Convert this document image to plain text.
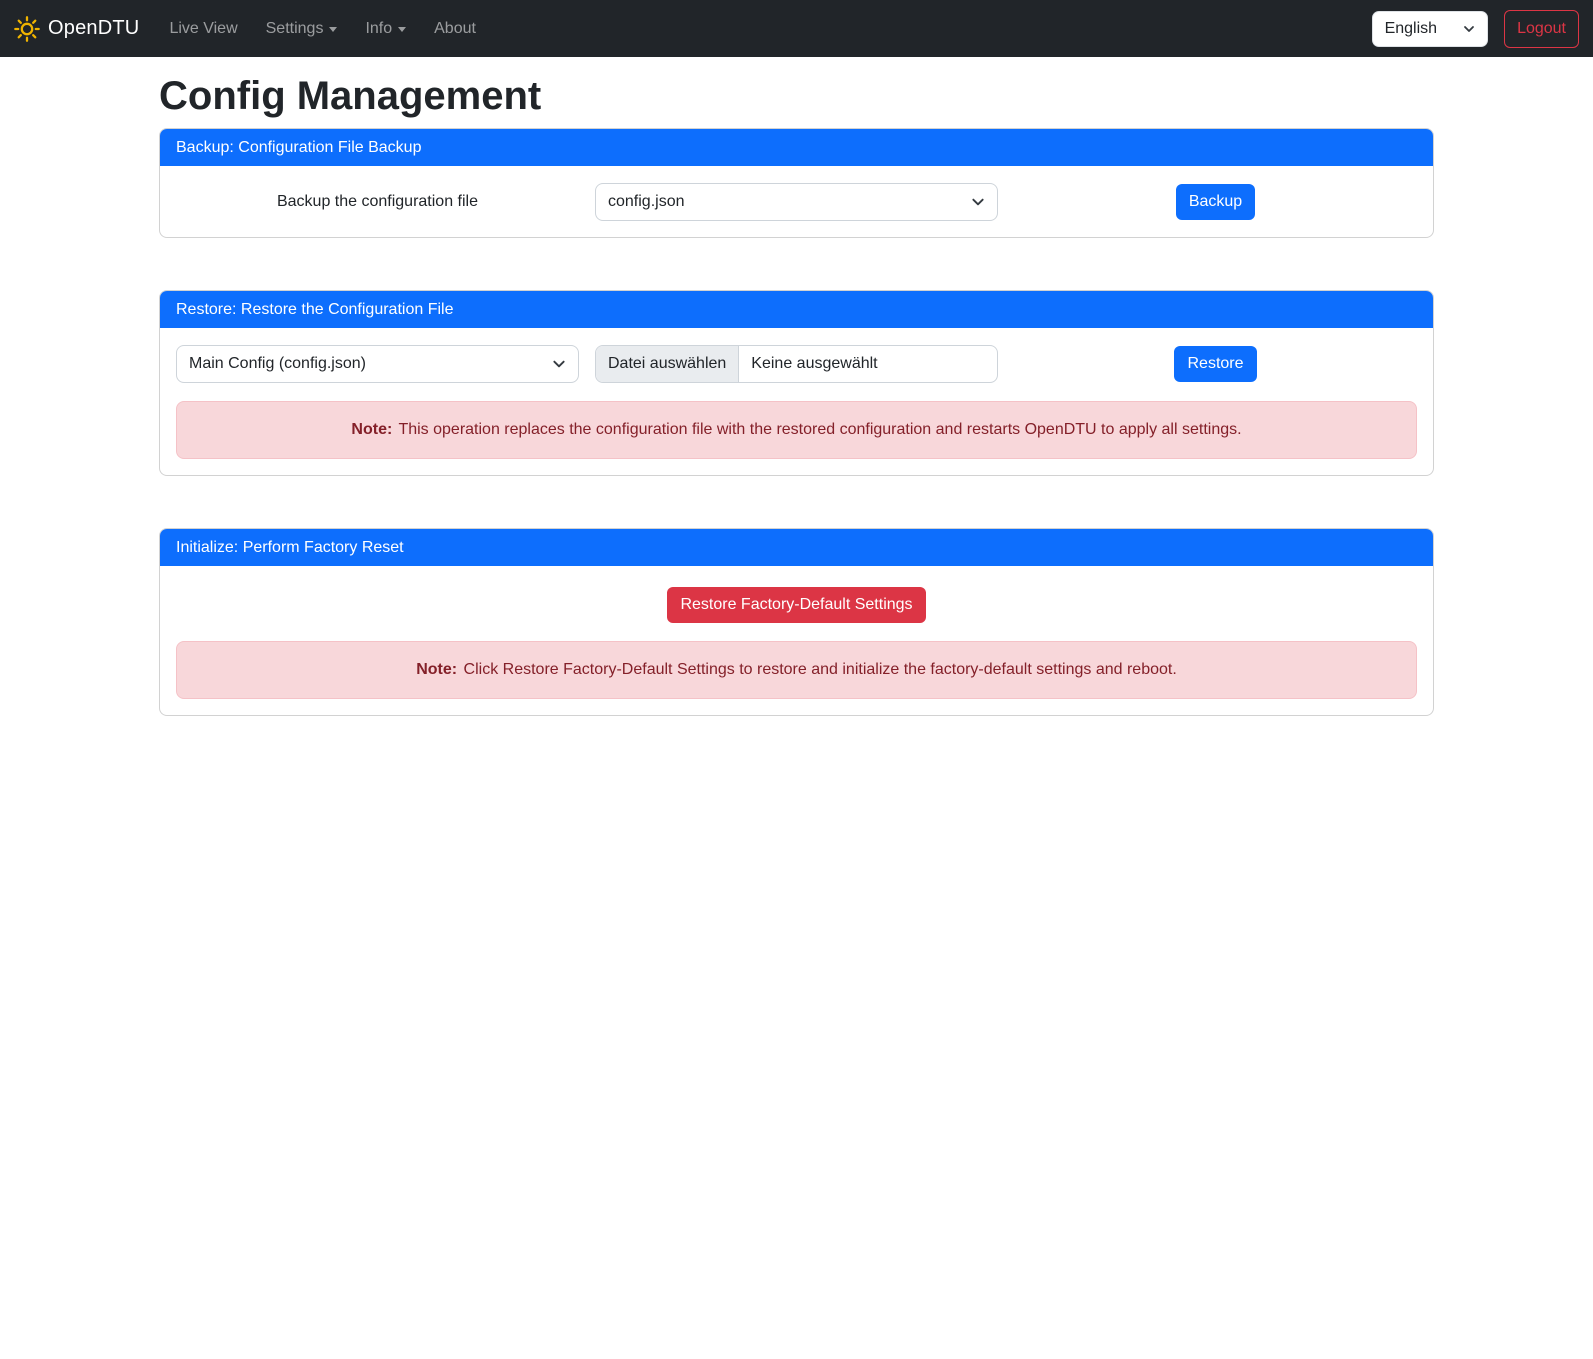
OpenDTU Live View Settings	Info	About	English	Logout
Config Management
Backup: Configuration File Backup
Backup the configuration file	config.json	Backup
Restore: Restore the Configuration File
Main Config (config.json)	Datei auswählen	Keine ausgewählt	Restore
Note: This operation replaces the configuration file with the restored configuration and restarts OpenDTU to apply all settings.
Initialize: Perform Factory Reset
Restore Factory-Default Settings
Note: Click Restore Factory-Default Settings to restore and initialize the factory-default settings and reboot.
